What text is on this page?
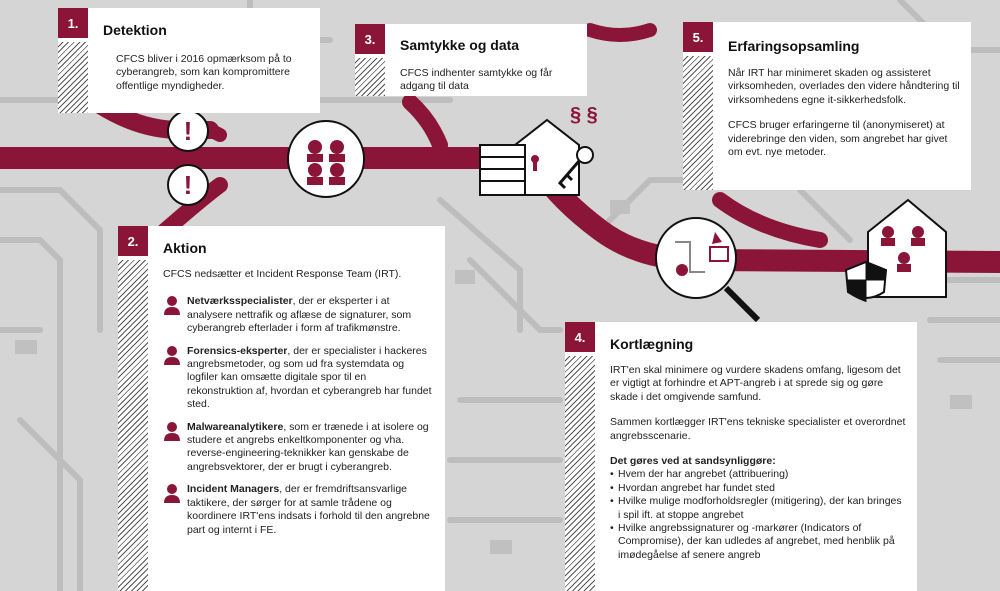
!
!
§ §
1.	Detektion
CFCS bliver i 2016 opmærksom på to cyberangreb, som kan kompromittere offentlige myndigheder.
3.	Samtykke og data
CFCS indhenter samtykke og får adgang til data
5.
Erfaringsopsamling

Når IRT har minimeret skaden og assisteret virksomheden, overlades den videre håndtering til virksomhedens egne it-sikkerhedsfolk.

CFCS bruger erfaringerne til (anonymiseret) at viderebringe den viden, som angrebet har givet om evt. nye metoder.

2.	Aktion

CFCS nedsætter et Incident Response Team (IRT).

Netværksspecialister, der er eksperter i at analysere nettrafik og aflæse de signaturer, som cyberangreb efterlader i form af trafikmønstre.
Forensics-eksperter, der er specialister i hackeres angrebsmetoder, og som ud fra systemdata og logfiler kan omsætte digitale spor til en rekonstruktion af, hvordan et cyberangreb har fundet sted.
Malwareanalytikere, som er trænede i at isolere og studere et angrebs enkeltkomponenter og vha. reverse-engineering-teknikker kan genskabe de angrebsvektorer, der er brugt i cyberangreb.
Incident Managers, der er fremdriftsansvarlige taktikere, der sørger for at samle trådene og koordinere IRT'ens indsats i forhold til den angrebne part og internt i FE.
4.	Kortlægning

IRT'en skal minimere og vurdere skadens omfang, ligesom det er vigtigt at forhindre et APT-angreb i at sprede sig og gøre skade i det omgivende samfund.

Sammen kortlægger IRT'ens tekniske specialister et overordnet angrebsscenarie.

Det gøres ved at sandsynliggøre:

• Hvem der har angrebet (attribuering)
• Hvordan angrebet har fundet sted
• Hvilke mulige modforholdsregler (mitigering), der kan bringes i spil ift. at stoppe angrebet
• Hvilke angrebssignaturer og -markører (Indicators of Compromise), der kan udledes af angrebet, med henblik på imødegåelse af senere angreb
